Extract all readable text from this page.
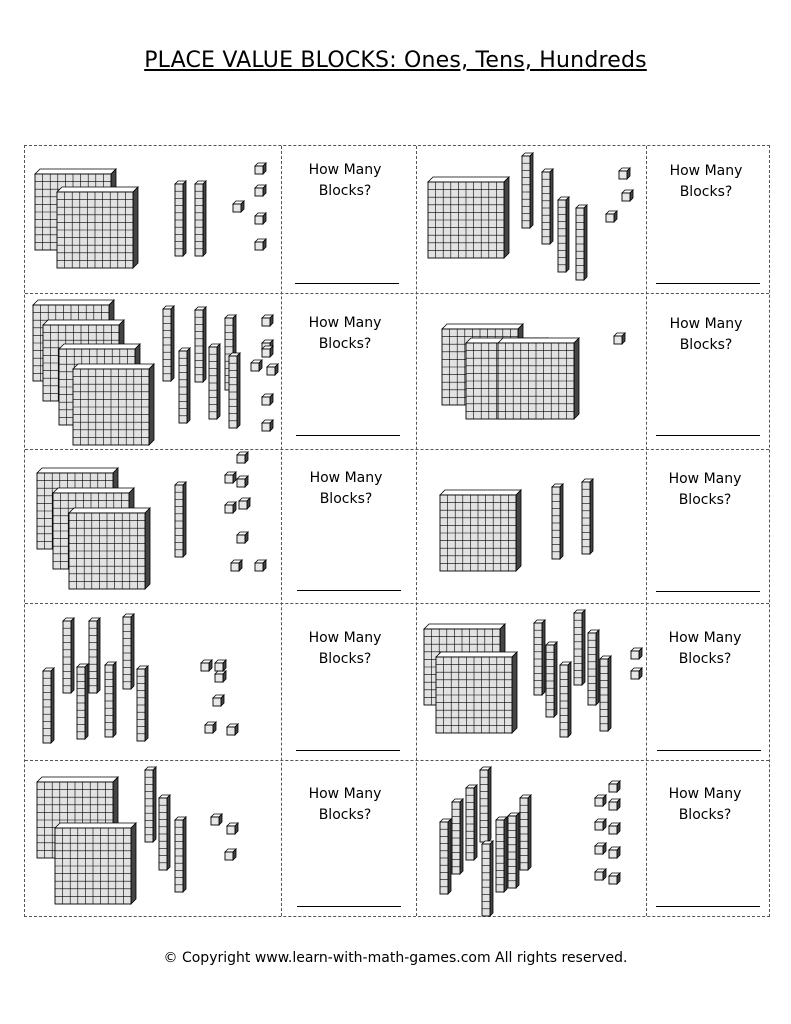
PLACE VALUE BLOCKS: Ones, Tens, Hundreds
How Many
Blocks?
How Many
Blocks?
How Many
Blocks?
How Many
Blocks?
How Many
Blocks?
How Many
Blocks?
How Many
Blocks?
How Many
Blocks?
How Many
Blocks?
How Many
Blocks?
© Copyright www.learn-with-math-games.com All rights reserved.
